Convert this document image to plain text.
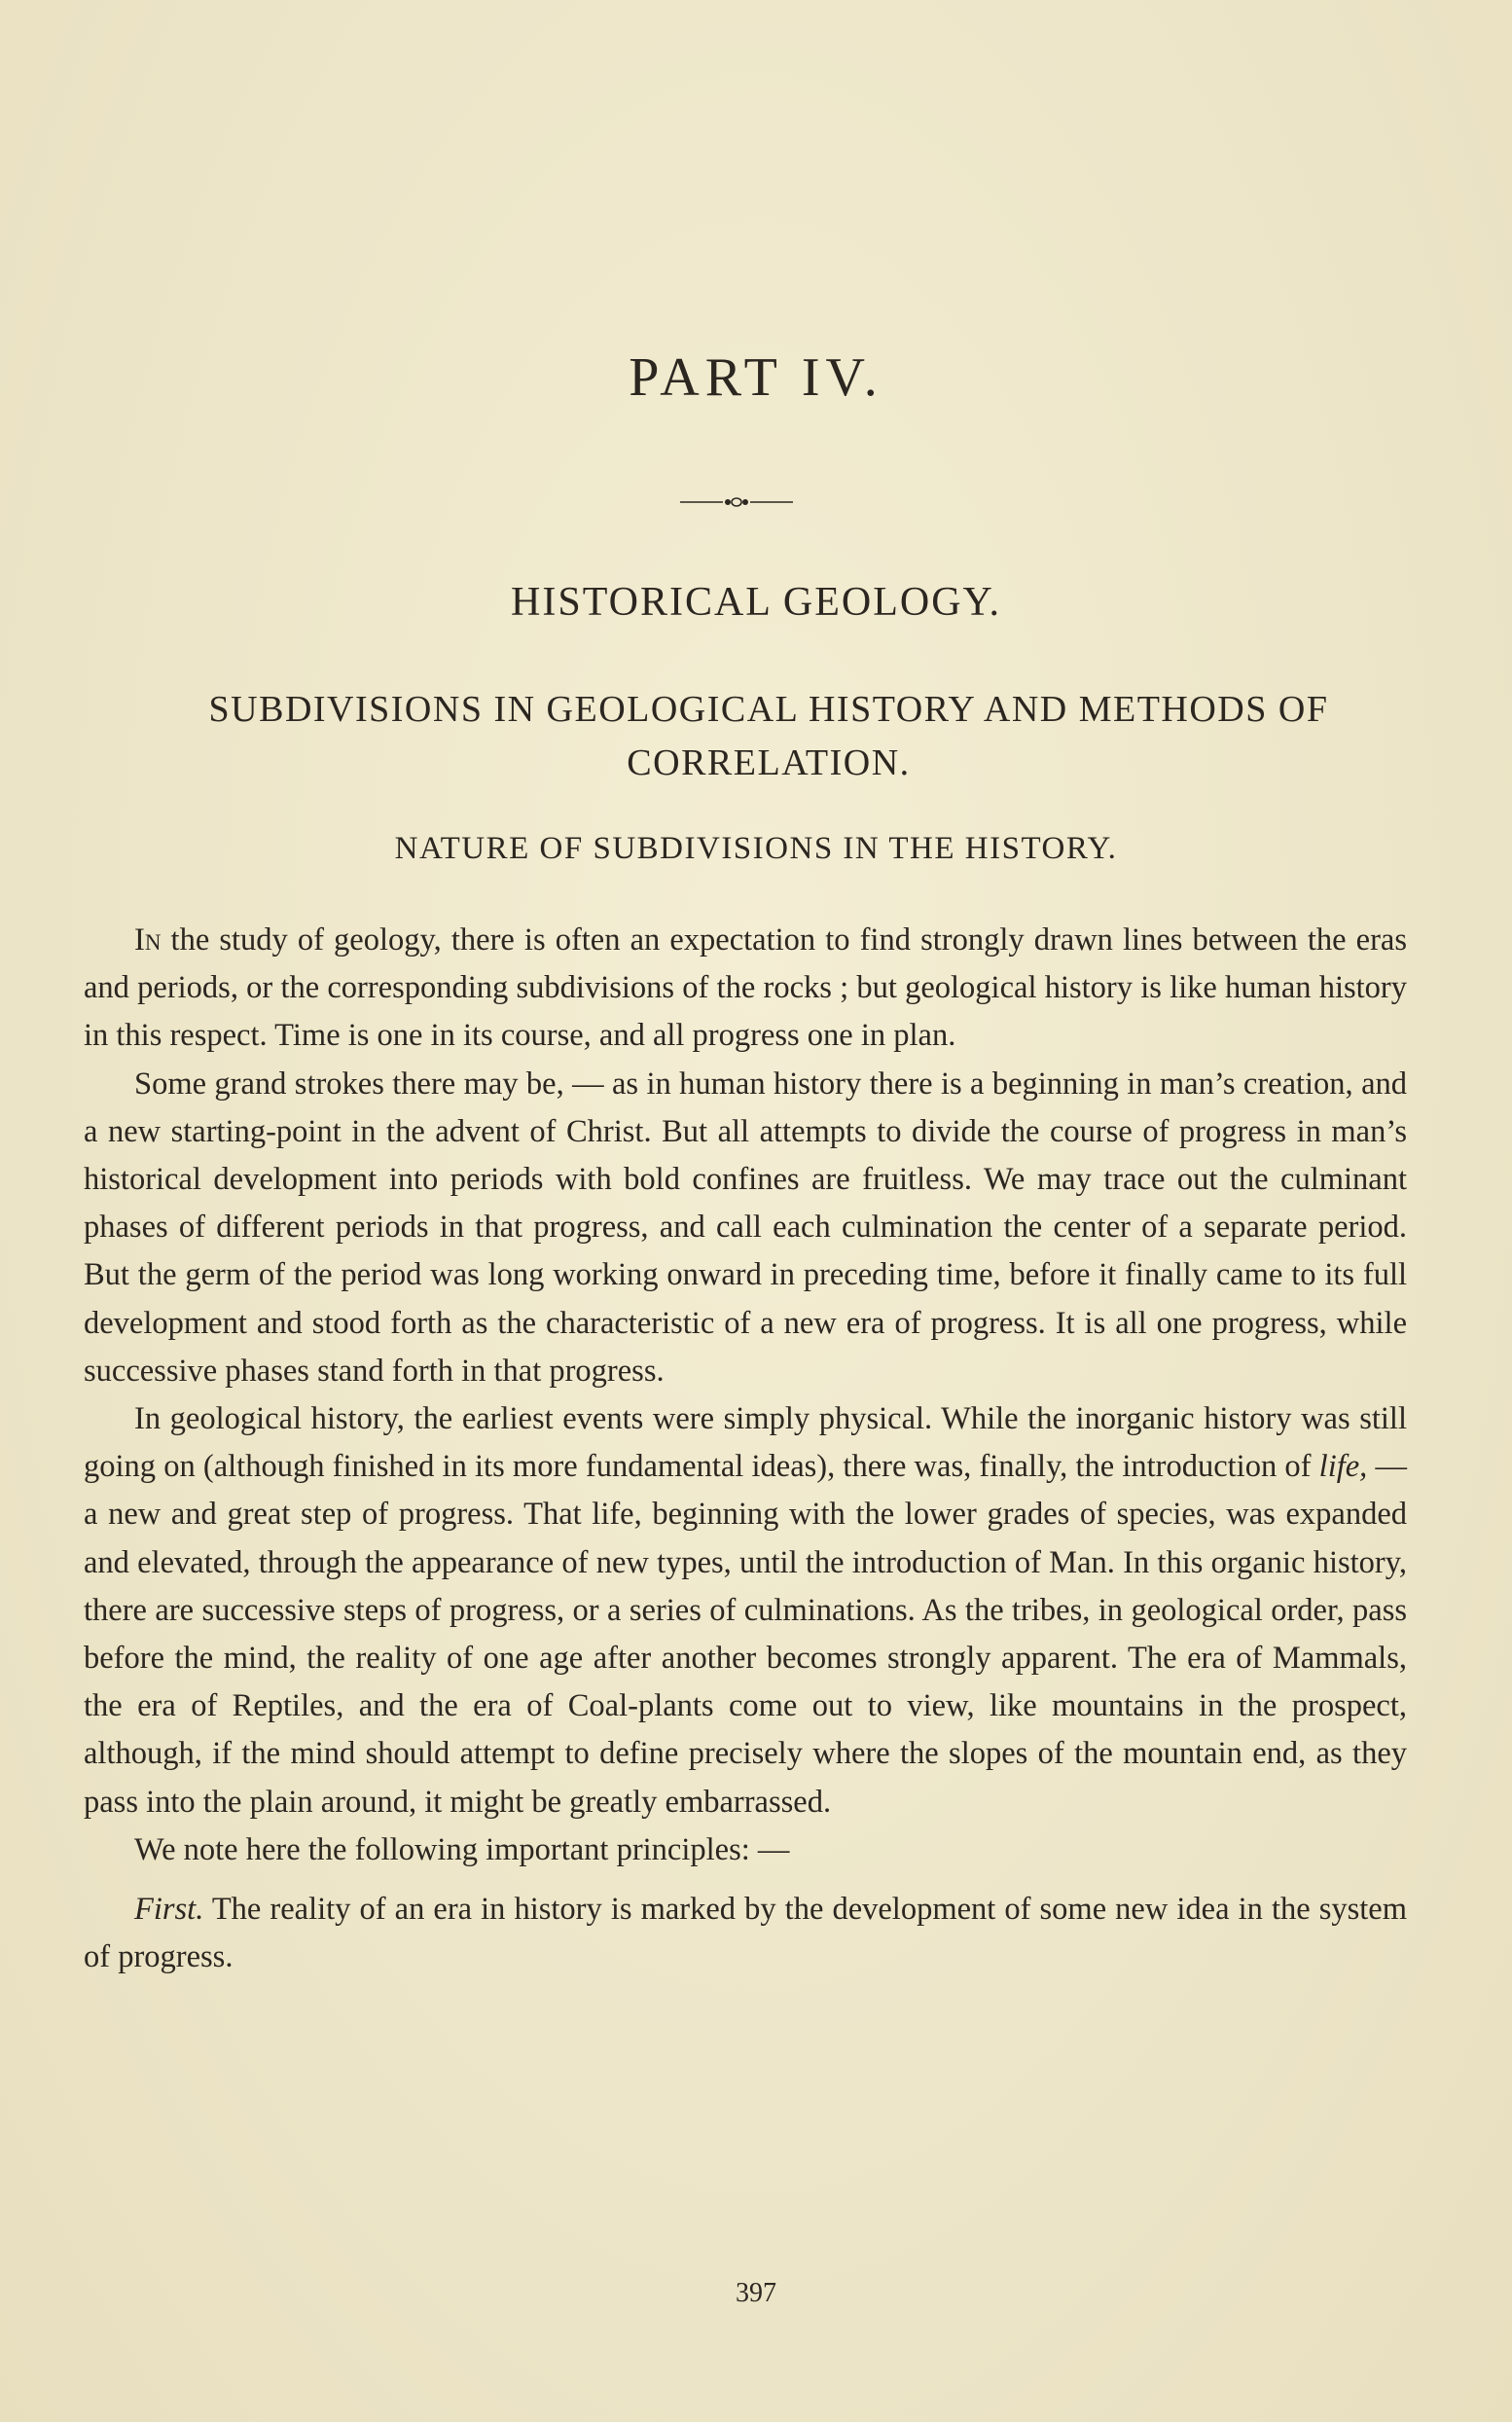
PART IV.
HISTORICAL GEOLOGY.
SUBDIVISIONS IN GEOLOGICAL HISTORY AND METHODS OF CORRELATION.
NATURE OF SUBDIVISIONS IN THE HISTORY.

In the study of geology, there is often an expectation to find strongly drawn lines between the eras and periods, or the corresponding subdivisions of the rocks ; but geological history is like human history in this respect. Time is one in its course, and all progress one in plan.

Some grand strokes there may be, — as in human history there is a beginning in man’s creation, and a new starting-point in the advent of Christ. But all attempts to divide the course of progress in man’s historical development into periods with bold confines are fruitless. We may trace out the culminant phases of different periods in that progress, and call each culmination the center of a separate period. But the germ of the period was long working onward in preceding time, before it finally came to its full development and stood forth as the characteristic of a new era of progress. It is all one progress, while successive phases stand forth in that progress.

In geological history, the earliest events were simply physical. While the inorganic history was still going on (although finished in its more fundamental ideas), there was, finally, the introduction of life, — a new and great step of progress. That life, beginning with the lower grades of species, was expanded and elevated, through the appearance of new types, until the introduction of Man. In this organic history, there are successive steps of progress, or a series of culminations. As the tribes, in geological order, pass before the mind, the reality of one age after another becomes strongly apparent. The era of Mammals, the era of Reptiles, and the era of Coal-plants come out to view, like mountains in the prospect, although, if the mind should attempt to define precisely where the slopes of the mountain end, as they pass into the plain around, it might be greatly embarrassed.

We note here the following important principles: —

First. The reality of an era in history is marked by the development of some new idea in the system of progress.

397
